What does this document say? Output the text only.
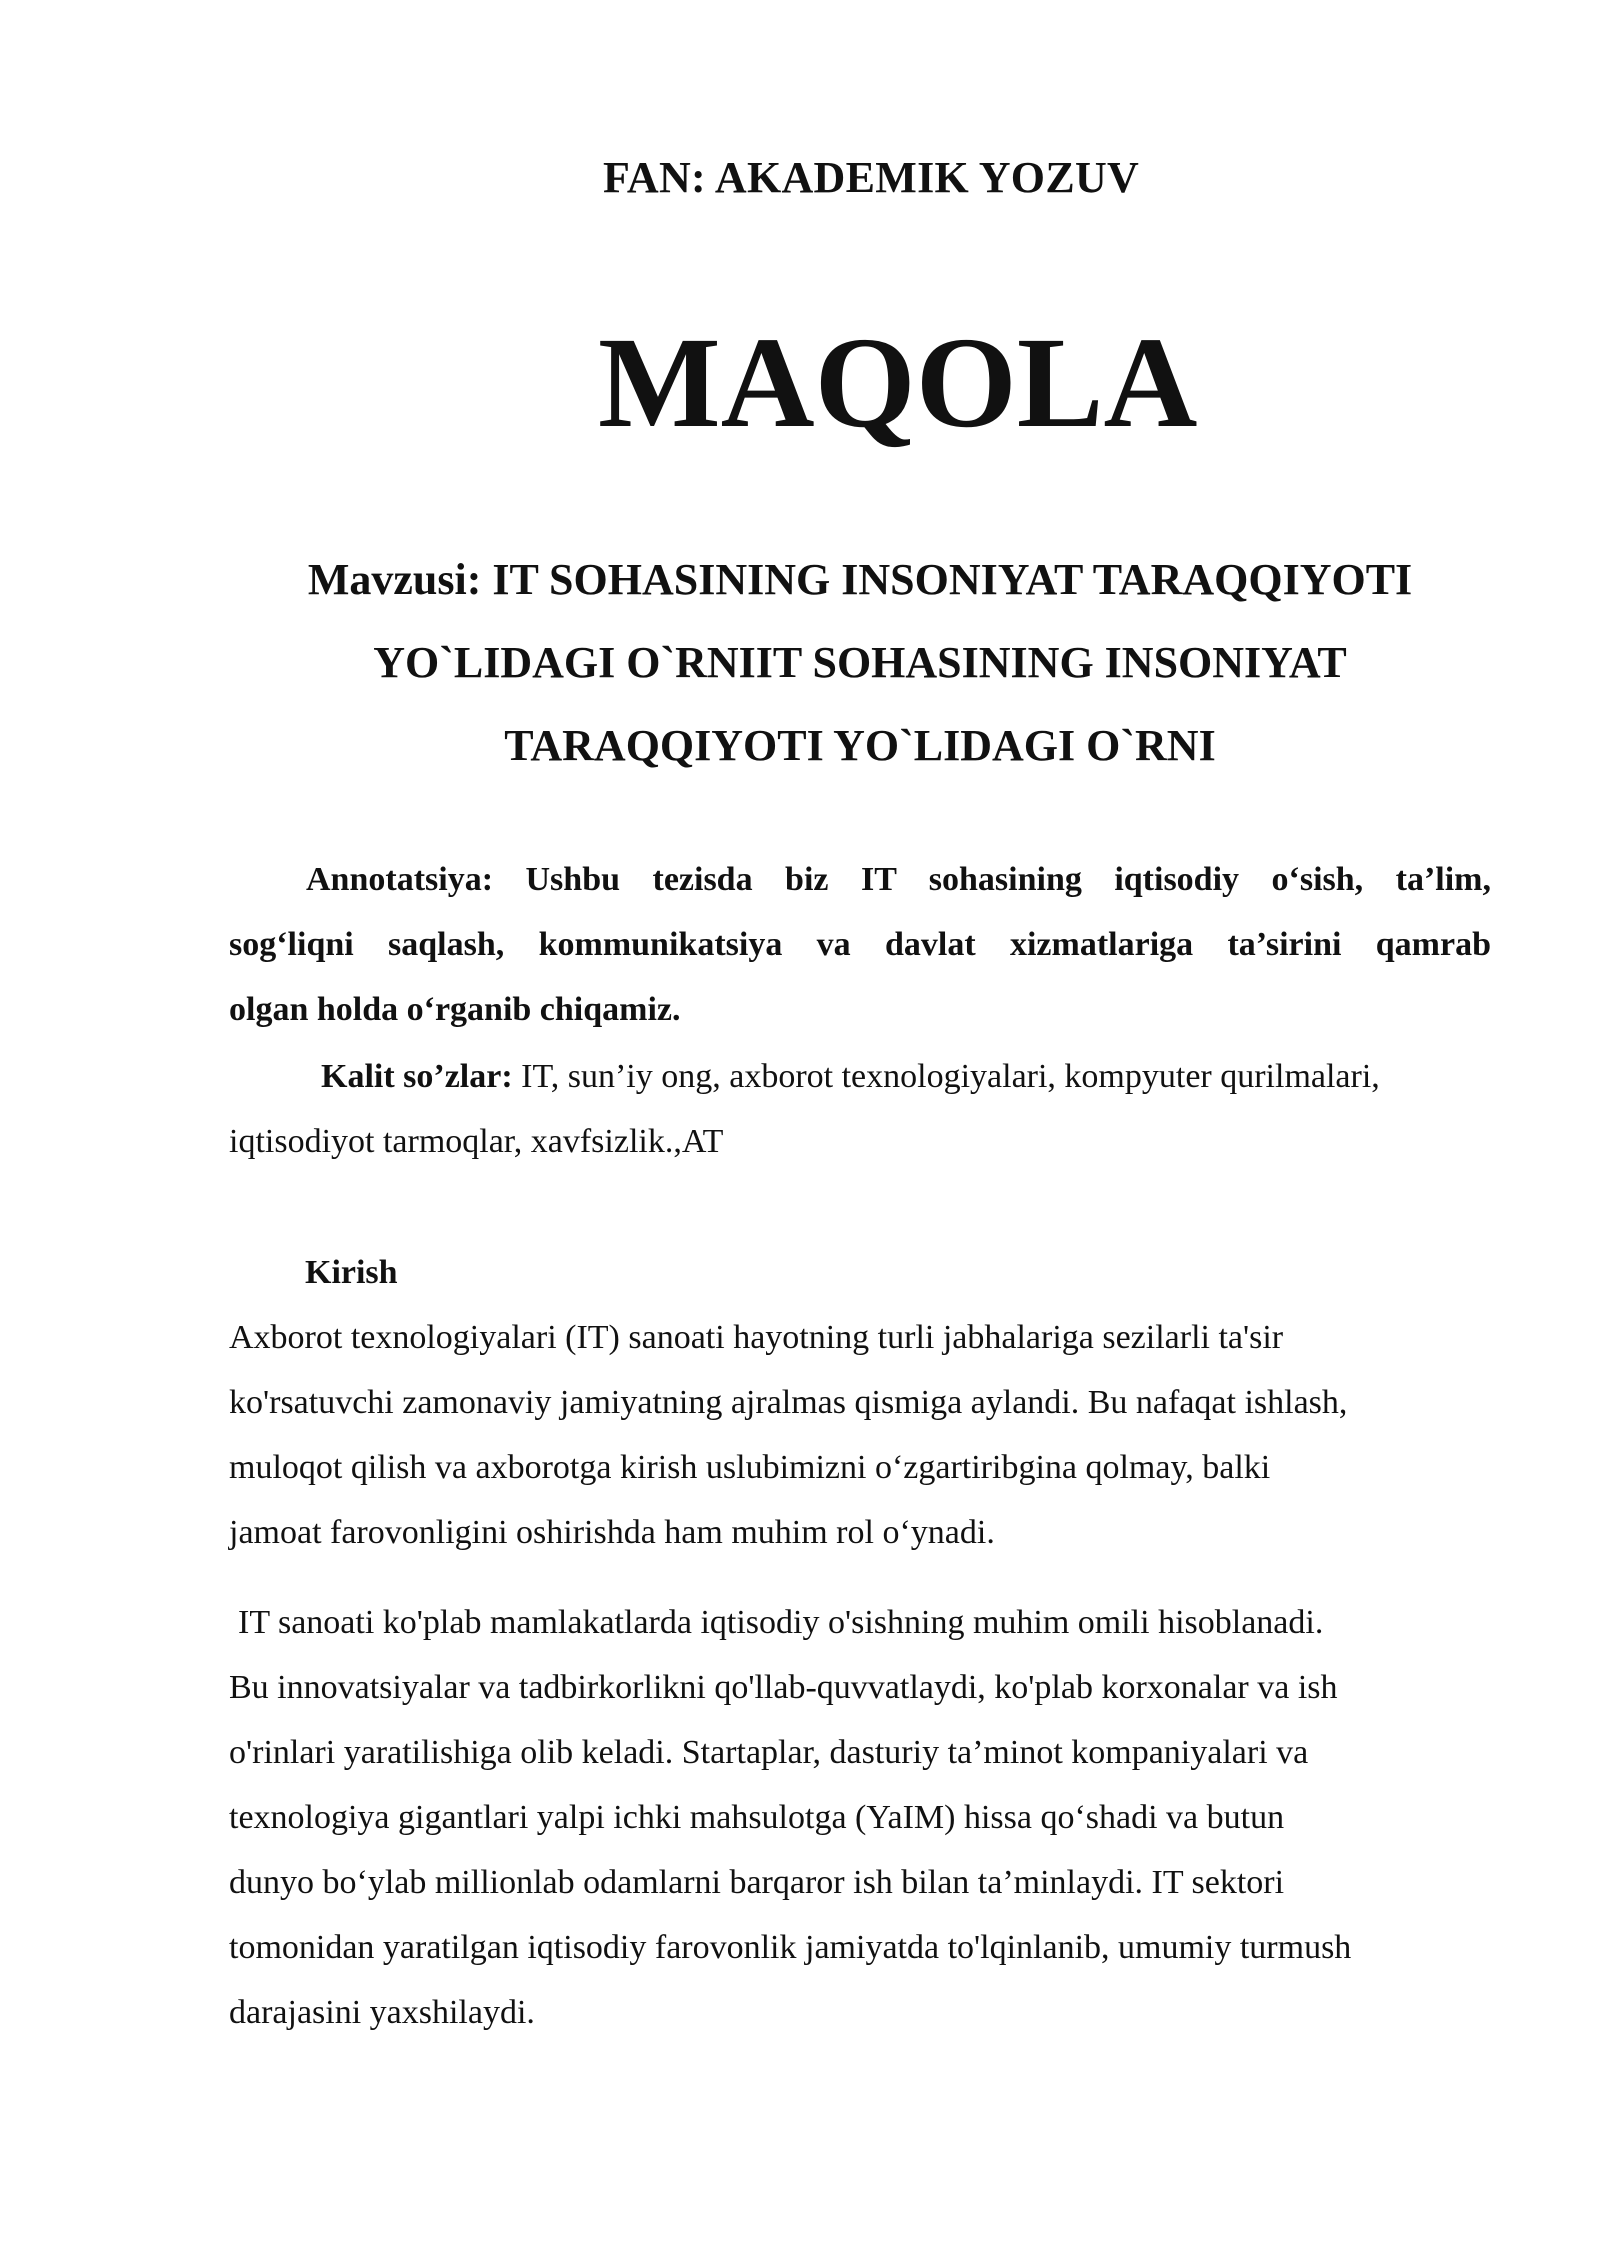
FAN: AKADEMIK YOZUV
MAQOLA
Mavzusi: IT SOHASINING INSONIYAT TARAQQIYOTI
YO`LIDAGI O`RNIIT SOHASINING INSONIYAT
TARAQQIYOTI YO`LIDAGI O`RNI
Annotatsiya: Ushbu tezisda biz IT sohasining iqtisodiy o‘sish, ta’lim,
sog‘liqni saqlash, kommunikatsiya va davlat xizmatlariga ta’sirini qamrab
olgan holda o‘rganib chiqamiz.
Kalit so’zlar: IT, sun’iy ong, axborot texnologiyalari, kompyuter qurilmalari,
iqtisodiyot tarmoqlar, xavfsizlik.,AT
Kirish
Axborot texnologiyalari (IT) sanoati hayotning turli jabhalariga sezilarli ta'sir
ko'rsatuvchi zamonaviy jamiyatning ajralmas qismiga aylandi. Bu nafaqat ishlash,
muloqot qilish va axborotga kirish uslubimizni o‘zgartiribgina qolmay, balki
jamoat farovonligini oshirishda ham muhim rol o‘ynadi.
IT sanoati ko'plab mamlakatlarda iqtisodiy o'sishning muhim omili hisoblanadi.
Bu innovatsiyalar va tadbirkorlikni qo'llab-quvvatlaydi, ko'plab korxonalar va ish
o'rinlari yaratilishiga olib keladi. Startaplar, dasturiy ta’minot kompaniyalari va
texnologiya gigantlari yalpi ichki mahsulotga (YaIM) hissa qo‘shadi va butun
dunyo bo‘ylab millionlab odamlarni barqaror ish bilan ta’minlaydi. IT sektori
tomonidan yaratilgan iqtisodiy farovonlik jamiyatda to'lqinlanib, umumiy turmush
darajasini yaxshilaydi.
